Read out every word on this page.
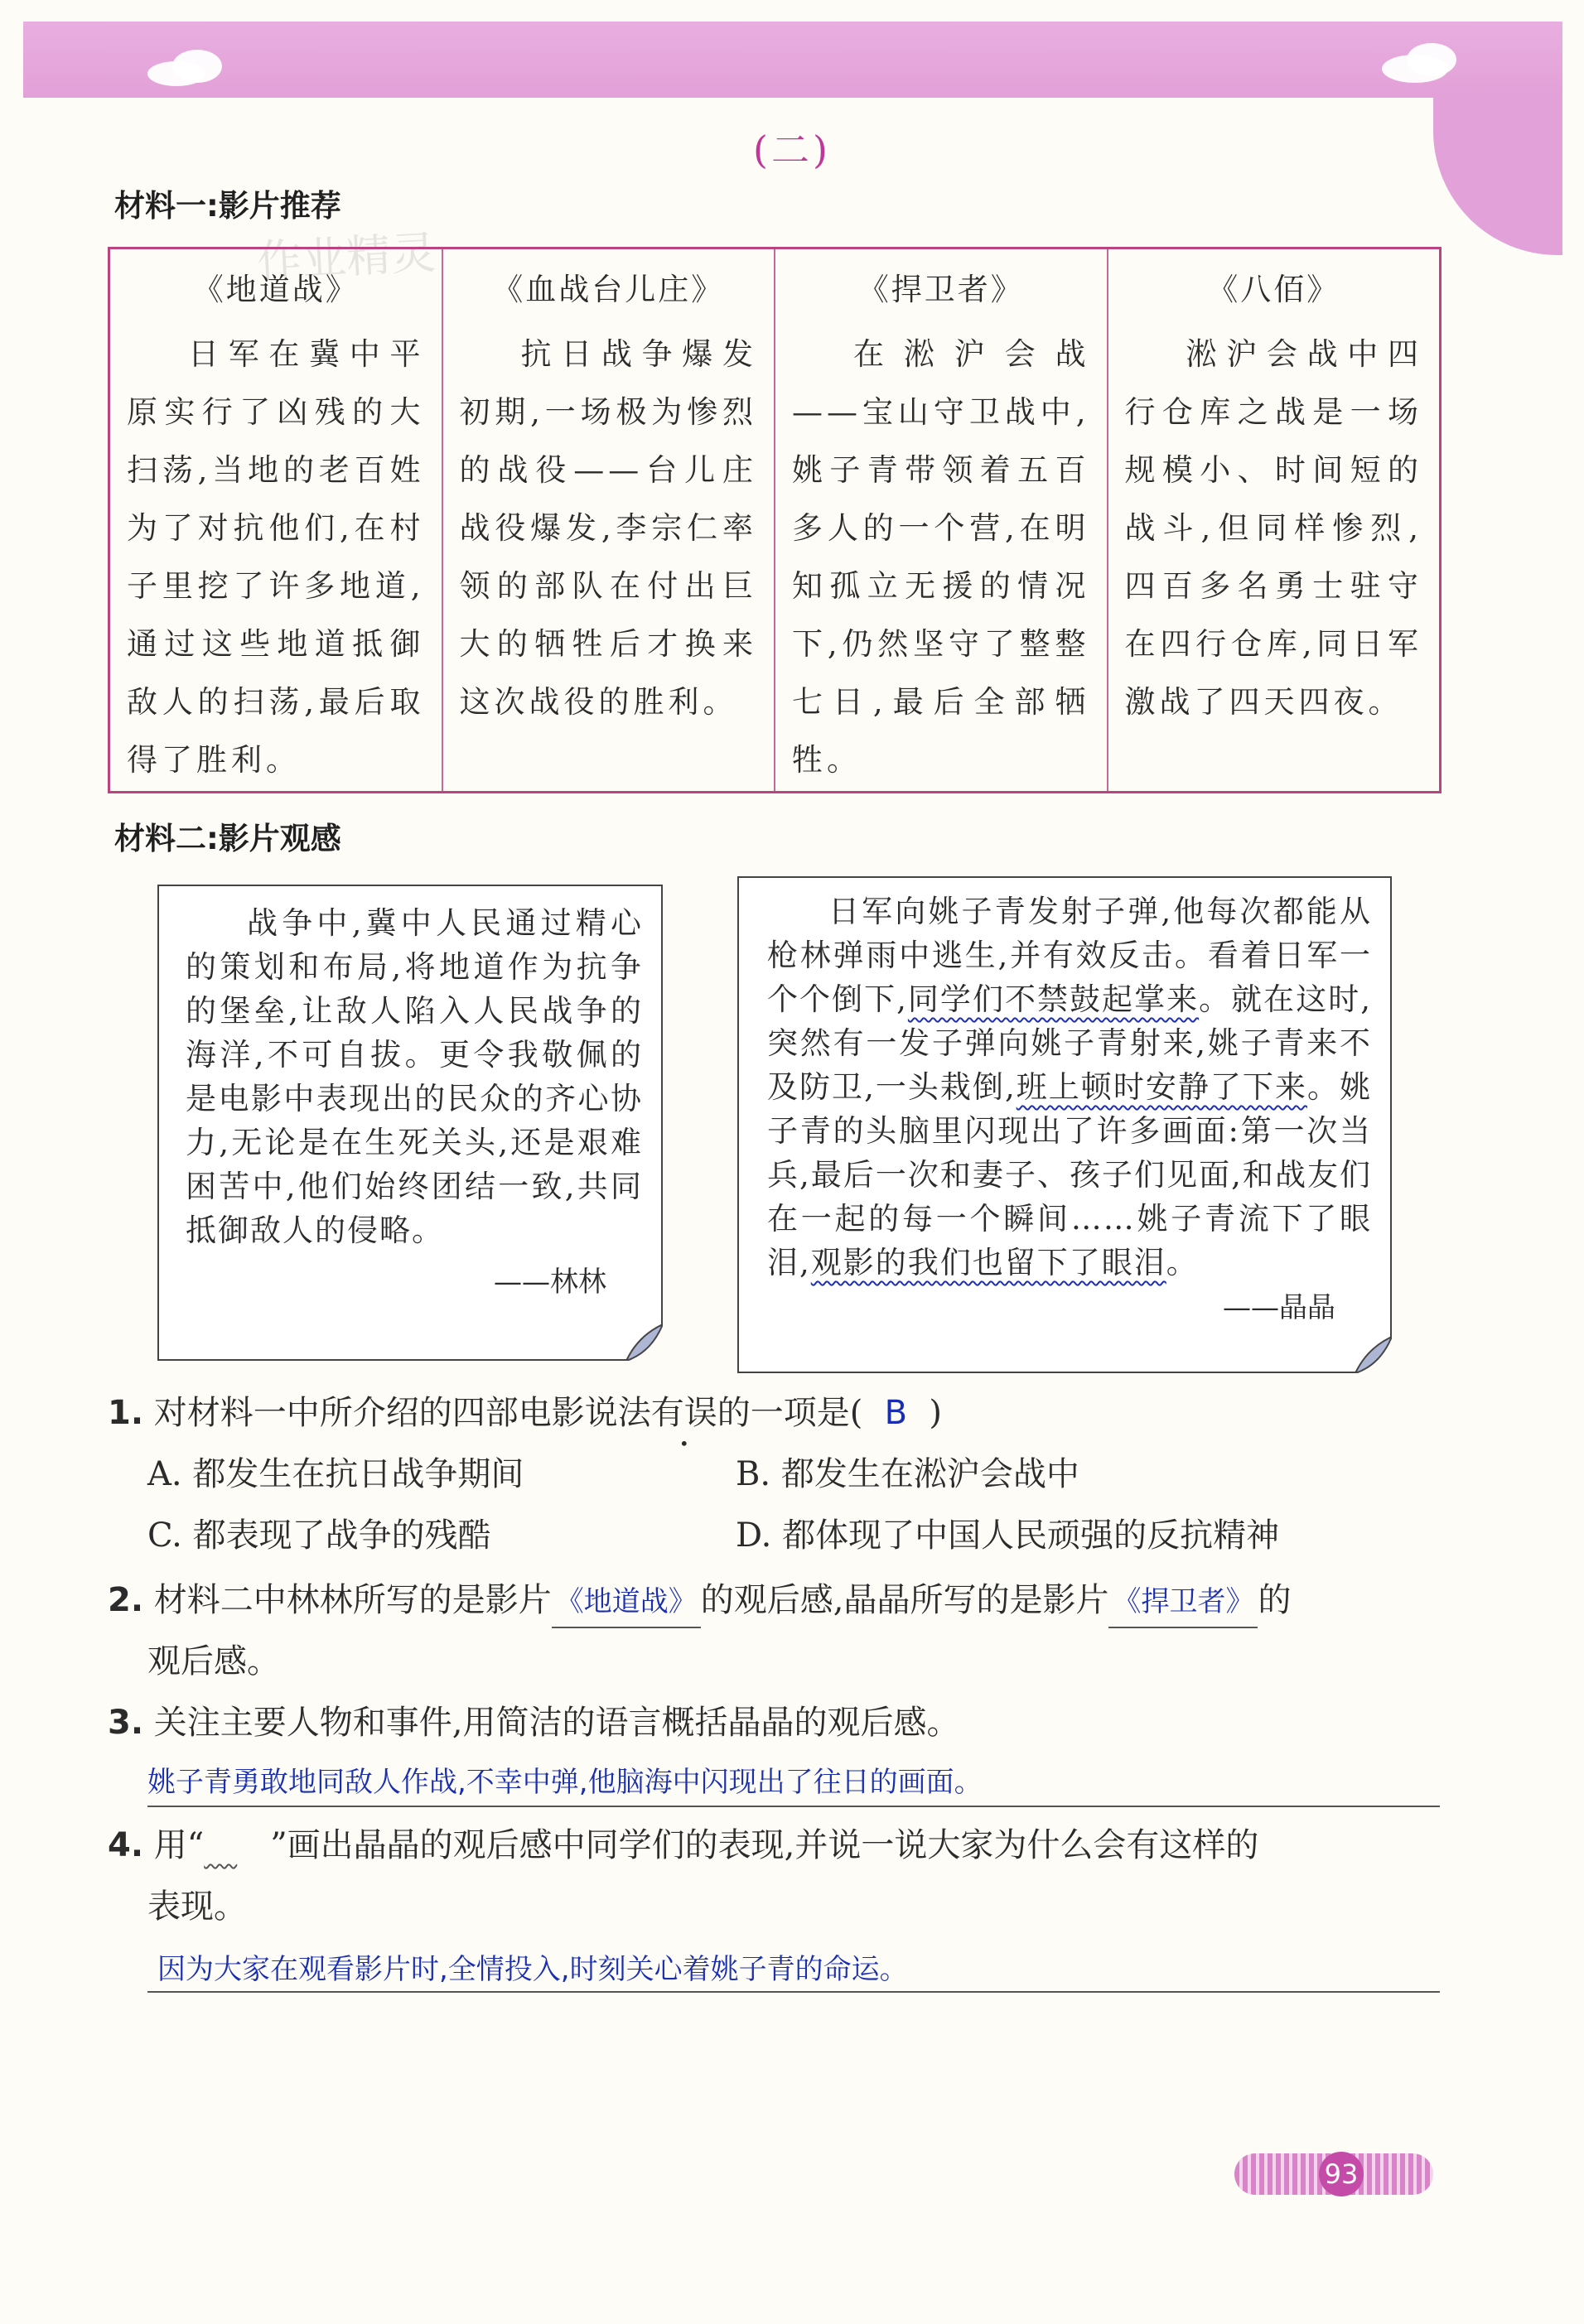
(二)
材料一:影片推荐
作业精灵
《地道战》
日军在冀中平原实行了凶残的大扫荡,当地的老百姓为了对抗他们,在村子里挖了许多地道,通过这些地道抵御敌人的扫荡,最后取得了胜利。
《血战台儿庄》
抗日战争爆发初期,一场极为惨烈的战役——台儿庄战役爆发,李宗仁率领的部队在付出巨大的牺牲后才换来这次战役的胜利。
《捍卫者》
在淞沪会战——宝山守卫战中,姚子青带领着五百多人的一个营,在明知孤立无援的情况下,仍然坚守了整整七日,最后全部牺牲。
《八佰》
淞沪会战中四行仓库之战是一场规模小、时间短的战斗,但同样惨烈,四百多名勇士驻守在四行仓库,同日军激战了四天四夜。
材料二:影片观感
战争中,冀中人民通过精心的策划和布局,将地道作为抗争的堡垒,让敌人陷入人民战争的海洋,不可自拔。更令我敬佩的是电影中表现出的民众的齐心协力,无论是在生死关头,还是艰难困苦中,他们始终团结一致,共同抵御敌人的侵略。
——林林
日军向姚子青发射子弹,他每次都能从枪林弹雨中逃生,并有效反击。看着日军一个个倒下,同学们不禁鼓起掌来。就在这时,突然有一发子弹向姚子青射来,姚子青来不及防卫,一头栽倒,班上顿时安静了下来。姚子青的头脑里闪现出了许多画面:第一次当兵,最后一次和妻子、孩子们见面,和战友们在一起的每一个瞬间……姚子青流下了眼泪,观影的我们也留下了眼泪。
——晶晶
1. 对材料一中所介绍的四部电影说法有误的一项是( B )
A. 都发生在抗日战争期间	B. 都发生在淞沪会战中
C. 都表现了战争的残酷	D. 都体现了中国人民顽强的反抗精神
2. 材料二中林林所写的是影片 《地道战》 的观后感,晶晶所写的是影片 《捍卫者》 的
观后感。
3. 关注主要人物和事件,用简洁的语言概括晶晶的观后感。
姚子青勇敢地同敌人作战,不幸中弹,他脑海中闪现出了往日的画面。
4. 用“　 ”画出晶晶的观后感中同学们的表现,并说一说大家为什么会有这样的
表现。
因为大家在观看影片时,全情投入,时刻关心着姚子青的命运。
93
